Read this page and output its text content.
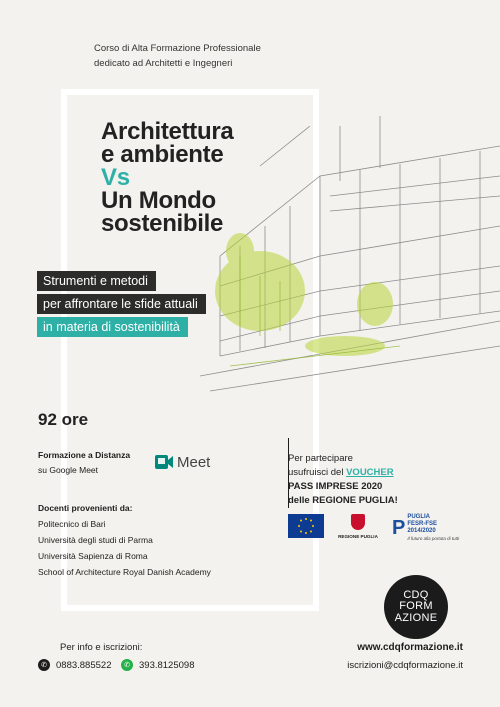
Corso di Alta Formazione Professionale
dedicato ad Architetti e Ingegneri
Architettura
e ambiente
Vs
Un Mondo
sostenibile
Strumenti e metodi
per affrontare le sfide attuali
in materia di sostenibilità
92 ore
Formazione a Distanza
su Google Meet	Meet
Docenti provenienti da:
Politecnico di Bari
Università degli studi di Parma
Università Sapienza di Roma
School of Architecture Royal Danish Academy
Per partecipare
usufruisci del VOUCHER
PASS IMPRESE 2020
delle REGIONE PUGLIA!
REGIONE PUGLIA P PUGLIA
FESR-FSE
2014/2020
Il futuro alla portata di tutti
CDQ
FORM
AZIONE
Per info e iscrizioni:
✆ 0883.885522	✆ 393.8125098
www.cdqformazione.it
iscrizioni@cdqformazione.it
